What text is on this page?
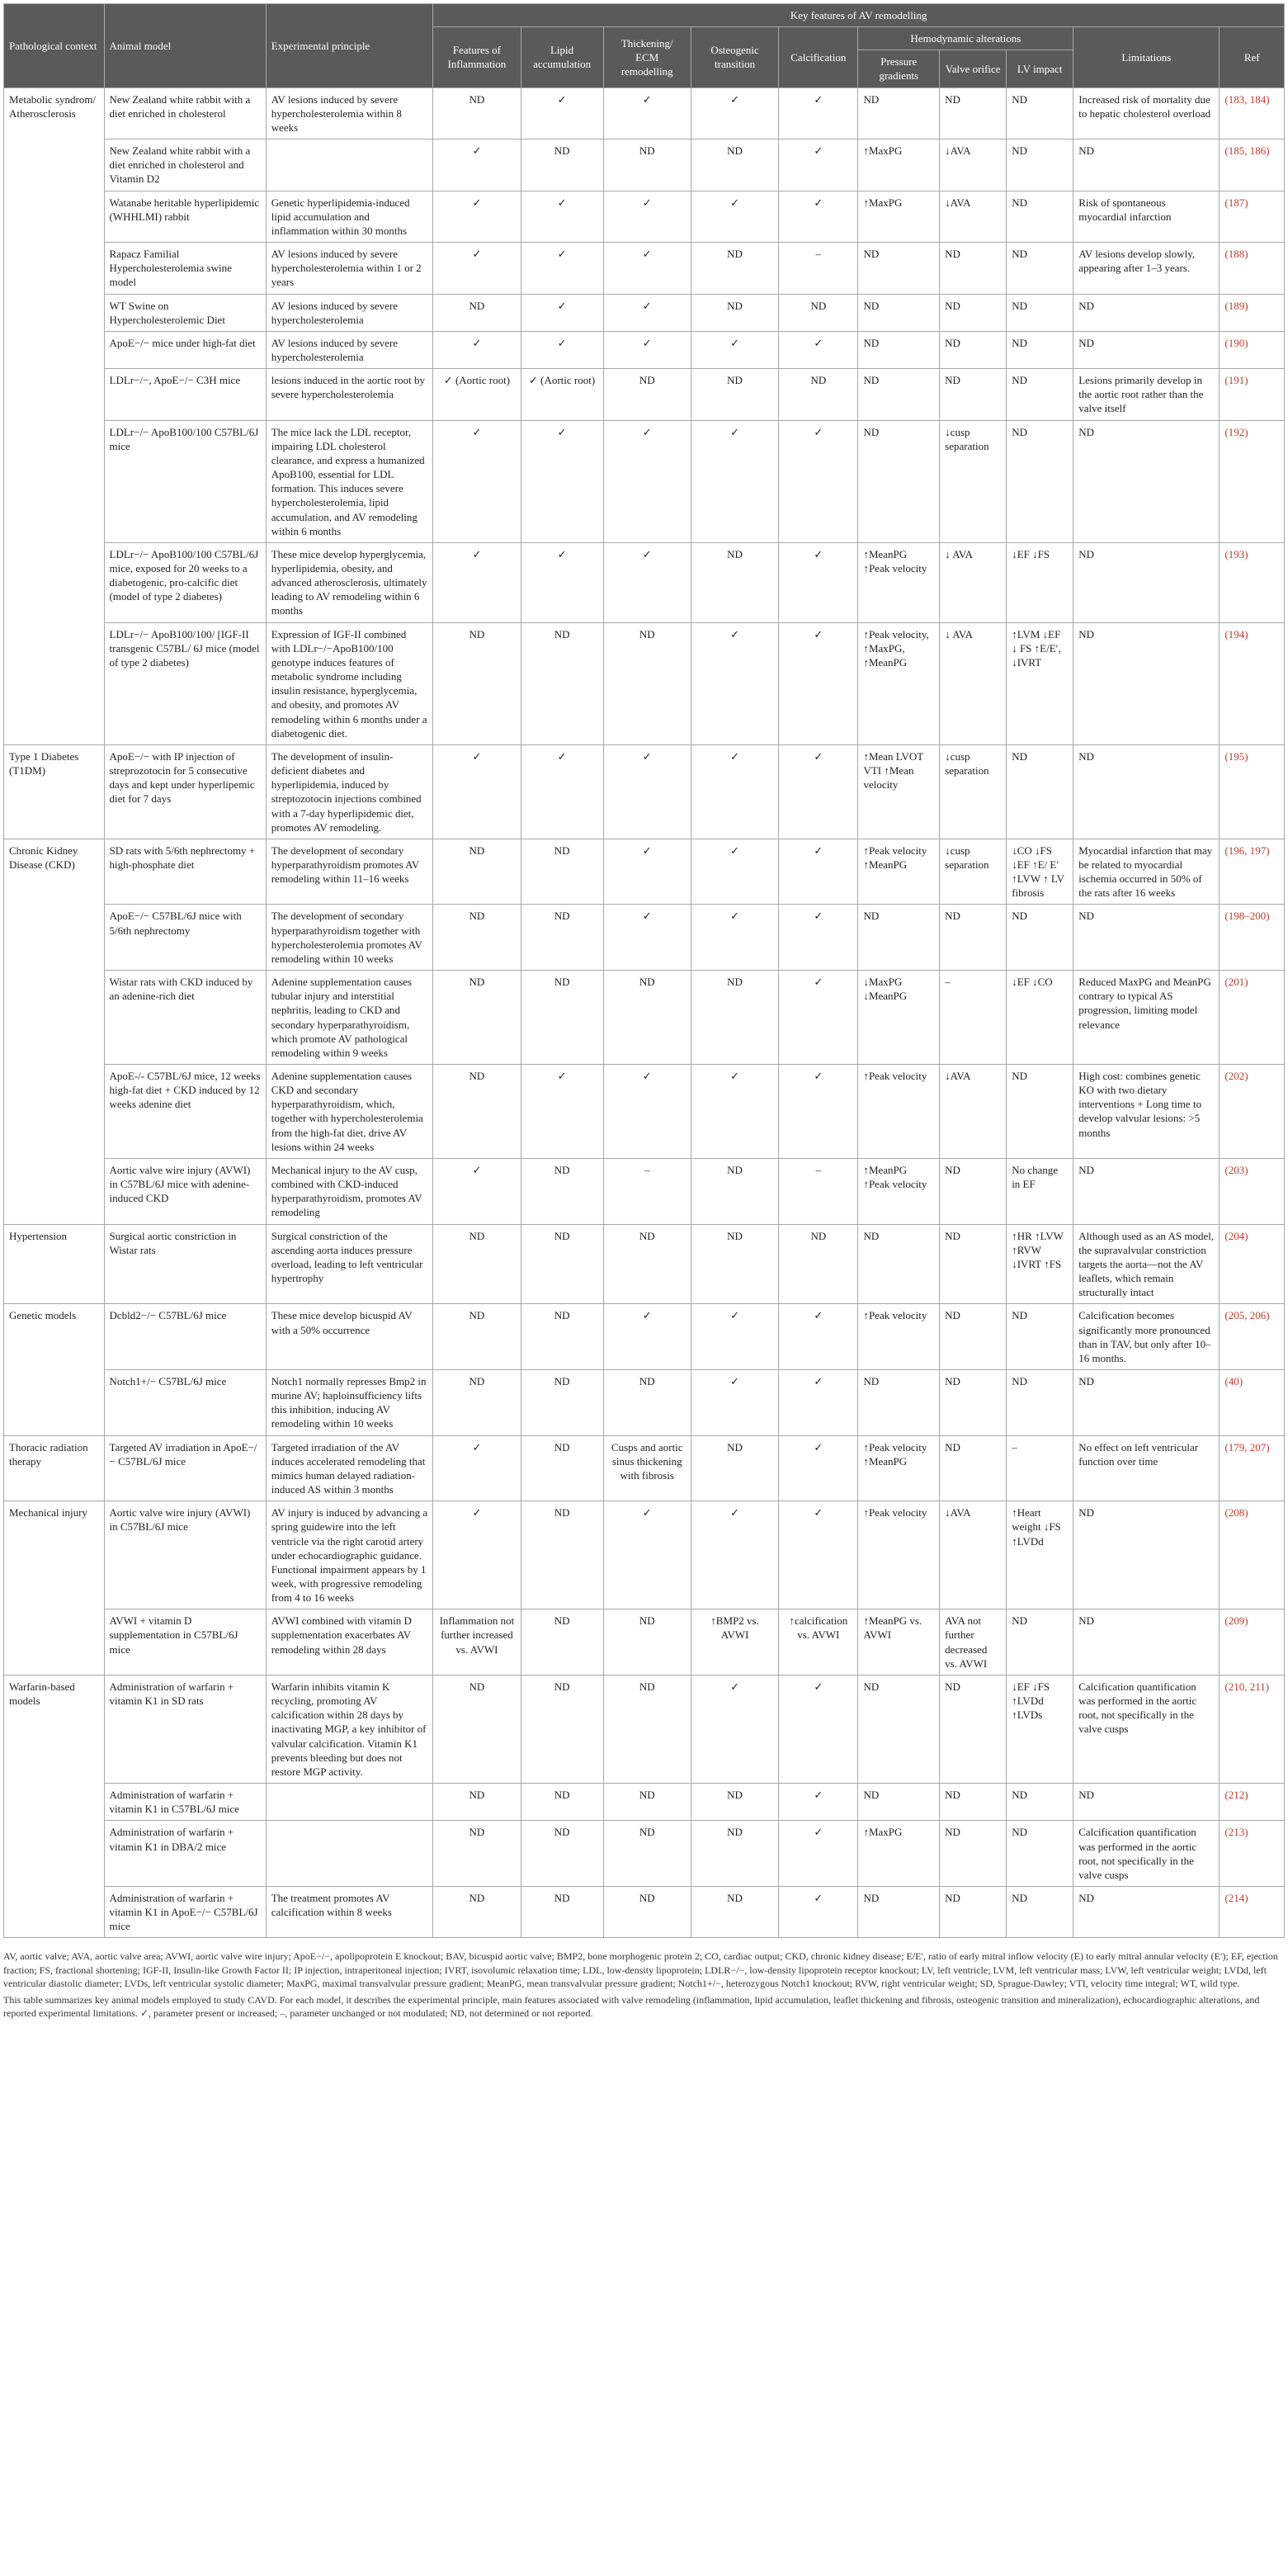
Pathological context	Animal model	Experimental principle	Key features of AV remodelling									
			Features of Inflammation	Lipid accumulation	Thickening/ ECM remodelling	Osteogenic transition	Calcification	Hemodynamic alterations			Limitations	Ref
								Pressure gradients	Valve orifice	LV impact		
Metabolic syndrom/ Atherosclerosis	New Zealand white rabbit with a diet enriched in cholesterol	AV lesions induced by severe hypercholesterolemia within 8 weeks	ND	✓	✓	✓	✓	ND	ND	ND	Increased risk of mortality due to hepatic cholesterol overload	(183, 184)
	New Zealand white rabbit with a diet enriched in cholesterol and Vitamin D2		✓	ND	ND	ND	✓	↑MaxPG	↓AVA	ND	ND	(185, 186)
	Watanabe heritable hyperlipidemic (WHHLMI) rabbit	Genetic hyperlipidemia-induced lipid accumulation and inflammation within 30 months	✓	✓	✓	✓	✓	↑MaxPG	↓AVA	ND	Risk of spontaneous myocardial infarction	(187)
	Rapacz Familial Hypercholesterolemia swine model	AV lesions induced by severe hypercholesterolemia within 1 or 2 years	✓	✓	✓	ND	–	ND	ND	ND	AV lesions develop slowly, appearing after 1–3 years.	(188)
	WT Swine on Hypercholesterolemic Diet	AV lesions induced by severe hypercholesterolemia	ND	✓	✓	ND	ND	ND	ND	ND	ND	(189)
	ApoE−/− mice under high-fat diet	AV lesions induced by severe hypercholesterolemia	✓	✓	✓	✓	✓	ND	ND	ND	ND	(190)
	LDLr−/−, ApoE−/− C3H mice	lesions induced in the aortic root by severe hypercholesterolemia	✓ (Aortic root)	✓ (Aortic root)	ND	ND	ND	ND	ND	ND	Lesions primarily develop in the aortic root rather than the valve itself	(191)
	LDLr−/− ApoB100/100 C57BL/6J mice	The mice lack the LDL receptor, impairing LDL cholesterol clearance, and express a humanized ApoB100, essential for LDL formation. This induces severe hypercholesterolemia, lipid accumulation, and AV remodeling within 6 months	✓	✓	✓	✓	✓	ND	↓cusp separation	ND	ND	(192)
	LDLr−/− ApoB100/100 C57BL/6J mice, exposed for 20 weeks to a diabetogenic, pro-calcific diet (model of type 2 diabetes)	These mice develop hyperglycemia, hyperlipidemia, obesity, and advanced atherosclerosis, ultimately leading to AV remodeling within 6 months	✓	✓	✓	ND	✓	↑MeanPG ↑Peak velocity	↓ AVA	↓EF ↓FS	ND	(193)
	LDLr−/− ApoB100/100/ [IGF-II transgenic C57BL/ 6J mice (model of type 2 diabetes)	Expression of IGF-II combined with LDLr−/−ApoB100/100 genotype induces features of metabolic syndrome including insulin resistance, hyperglycemia, and obesity, and promotes AV remodeling within 6 months under a diabetogenic diet.	ND	ND	ND	✓	✓	↑Peak velocity, ↑MaxPG, ↑MeanPG	↓ AVA	↑LVM ↓EF ↓ FS ↑E/E′, ↓IVRT	ND	(194)
Type 1 Diabetes (T1DM)	ApoE−/− with IP injection of streprozotocin for 5 consecutive days and kept under hyperlipemic diet for 7 days	The development of insulin-deficient diabetes and hyperlipidemia, induced by streptozotocin injections combined with a 7-day hyperlipidemic diet, promotes AV remodeling.	✓	✓	✓	✓	✓	↑Mean LVOT VTI ↑Mean velocity	↓cusp separation	ND	ND	(195)
Chronic Kidney Disease (CKD)	SD rats with 5/6th nephrectomy + high-phosphate diet	The development of secondary hyperparathyroidism promotes AV remodeling within 11–16 weeks	ND	ND	✓	✓	✓	↑Peak velocity ↑MeanPG	↓cusp separation	↓CO ↓FS ↓EF ↑E/ E′ ↑LVW ↑ LV fibrosis	Myocardial infarction that may be related to myocardial ischemia occurred in 50% of the rats after 16 weeks	(196, 197)
	ApoE−/− C57BL/6J mice with 5/6th nephrectomy	The development of secondary hyperparathyroidism together with hypercholesterolemia promotes AV remodeling within 10 weeks	ND	ND	✓	✓	✓	ND	ND	ND	ND	(198–200)
	Wistar rats with CKD induced by an adenine-rich diet	Adenine supplementation causes tubular injury and interstitial nephritis, leading to CKD and secondary hyperparathyroidism, which promote AV pathological remodeling within 9 weeks	ND	ND	ND	ND	✓	↓MaxPG ↓MeanPG	–	↓EF ↓CO	Reduced MaxPG and MeanPG contrary to typical AS progression, limiting model relevance	(201)
	ApoE-/- C57BL/6J mice, 12 weeks high-fat diet + CKD induced by 12 weeks adenine diet	Adenine supplementation causes CKD and secondary hyperparathyroidism, which, together with hypercholesterolemia from the high-fat diet, drive AV lesions within 24 weeks	ND	✓	✓	✓	✓	↑Peak velocity	↓AVA	ND	High cost: combines genetic KO with two dietary interventions + Long time to develop valvular lesions: >5 months	(202)
	Aortic valve wire injury (AVWI) in C57BL/6J mice with adenine-induced CKD	Mechanical injury to the AV cusp, combined with CKD-induced hyperparathyroidism, promotes AV remodeling	✓	ND	–	ND	–	↑MeanPG ↑Peak velocity	ND	No change in EF	ND	(203)
Hypertension	Surgical aortic constriction in Wistar rats	Surgical constriction of the ascending aorta induces pressure overload, leading to left ventricular hypertrophy	ND	ND	ND	ND	ND	ND	ND	↑HR ↑LVW ↑RVW ↓IVRT ↑FS	Although used as an AS model, the supravalvular constriction targets the aorta—not the AV leaflets, which remain structurally intact	(204)
Genetic models	Dcbld2−/− C57BL/6J mice	These mice develop bicuspid AV with a 50% occurrence	ND	ND	✓	✓	✓	↑Peak velocity	ND	ND	Calcification becomes significantly more pronounced than in TAV, but only after 10–16 months.	(205, 206)
	Notch1+/− C57BL/6J mice	Notch1 normally represses Bmp2 in murine AV; haploinsufficiency lifts this inhibition, inducing AV remodeling within 10 weeks	ND	ND	ND	✓	✓	ND	ND	ND	ND	(40)
Thoracic radiation therapy	Targeted AV irradiation in ApoE−/− C57BL/6J mice	Targeted irradiation of the AV induces accelerated remodeling that mimics human delayed radiation-induced AS within 3 months	✓	ND	Cusps and aortic sinus thickening with fibrosis	ND	✓	↑Peak velocity ↑MeanPG	ND	–	No effect on left ventricular function over time	(179, 207)
Mechanical injury	Aortic valve wire injury (AVWI) in C57BL/6J mice	AV injury is induced by advancing a spring guidewire into the left ventricle via the right carotid artery under echocardiographic guidance. Functional impairment appears by 1 week, with progressive remodeling from 4 to 16 weeks	✓	ND	✓	✓	✓	↑Peak velocity	↓AVA	↑Heart weight ↓FS ↑LVDd	ND	(208)
	AVWI + vitamin D supplementation in C57BL/6J mice	AVWI combined with vitamin D supplementation exacerbates AV remodeling within 28 days	Inflammation not further increased vs. AVWI	ND	ND	↑BMP2 vs. AVWI	↑calcification vs. AVWI	↑MeanPG vs. AVWI	AVA not further decreased vs. AVWI	ND	ND	(209)
Warfarin-based models	Administration of warfarin + vitamin K1 in SD rats	Warfarin inhibits vitamin K recycling, promoting AV calcification within 28 days by inactivating MGP, a key inhibitor of valvular calcification. Vitamin K1 prevents bleeding but does not restore MGP activity.	ND	ND	ND	✓	✓	ND	ND	↓EF ↓FS ↑LVDd ↑LVDs	Calcification quantification was performed in the aortic root, not specifically in the valve cusps	(210, 211)
	Administration of warfarin + vitamin K1 in C57BL/6J mice		ND	ND	ND	ND	✓	ND	ND	ND	ND	(212)
	Administration of warfarin + vitamin K1 in DBA/2 mice		ND	ND	ND	ND	✓	↑MaxPG	ND	ND	Calcification quantification was performed in the aortic root, not specifically in the valve cusps	(213)
	Administration of warfarin + vitamin K1 in ApoE−/− C57BL/6J mice	The treatment promotes AV calcification within 8 weeks	ND	ND	ND	ND	✓	ND	ND	ND	ND	(214)

AV, aortic valve; AVA, aortic valve area; AVWI, aortic valve wire injury; ApoE−/−, apolipoprotein E knockout; BAV, bicuspid aortic valve; BMP2, bone morphogenic protein 2; CO, cardiac output; CKD, chronic kidney disease; E/E′, ratio of early mitral inflow velocity (E) to early mitral annular velocity (E′); EF, ejection fraction; FS, fractional shortening; IGF-II, Insulin-like Growth Factor II; IP injection, intraperitoneal injection; IVRT, isovolumic relaxation time; LDL, low-density lipoprotein; LDLR−/−, low-density lipoprotein receptor knockout; LV, left ventricle; LVM, left ventricular mass; LVW, left ventricular weight; LVDd, left ventricular diastolic diameter; LVDs, left ventricular systolic diameter; MaxPG, maximal transvalvular pressure gradient; MeanPG, mean transvalvular pressure gradient; Notch1+/−, heterozygous Notch1 knockout; RVW, right ventricular weight; SD, Sprague-Dawley; VTI, velocity time integral; WT, wild type.

This table summarizes key animal models employed to study CAVD. For each model, it describes the experimental principle, main features associated with valve remodeling (inflammation, lipid accumulation, leaflet thickening and fibrosis, osteogenic transition and mineralization), echocardiographic alterations, and reported experimental limitations. ✓, parameter present or increased; –, parameter unchanged or not modulated; ND, not determined or not reported.
